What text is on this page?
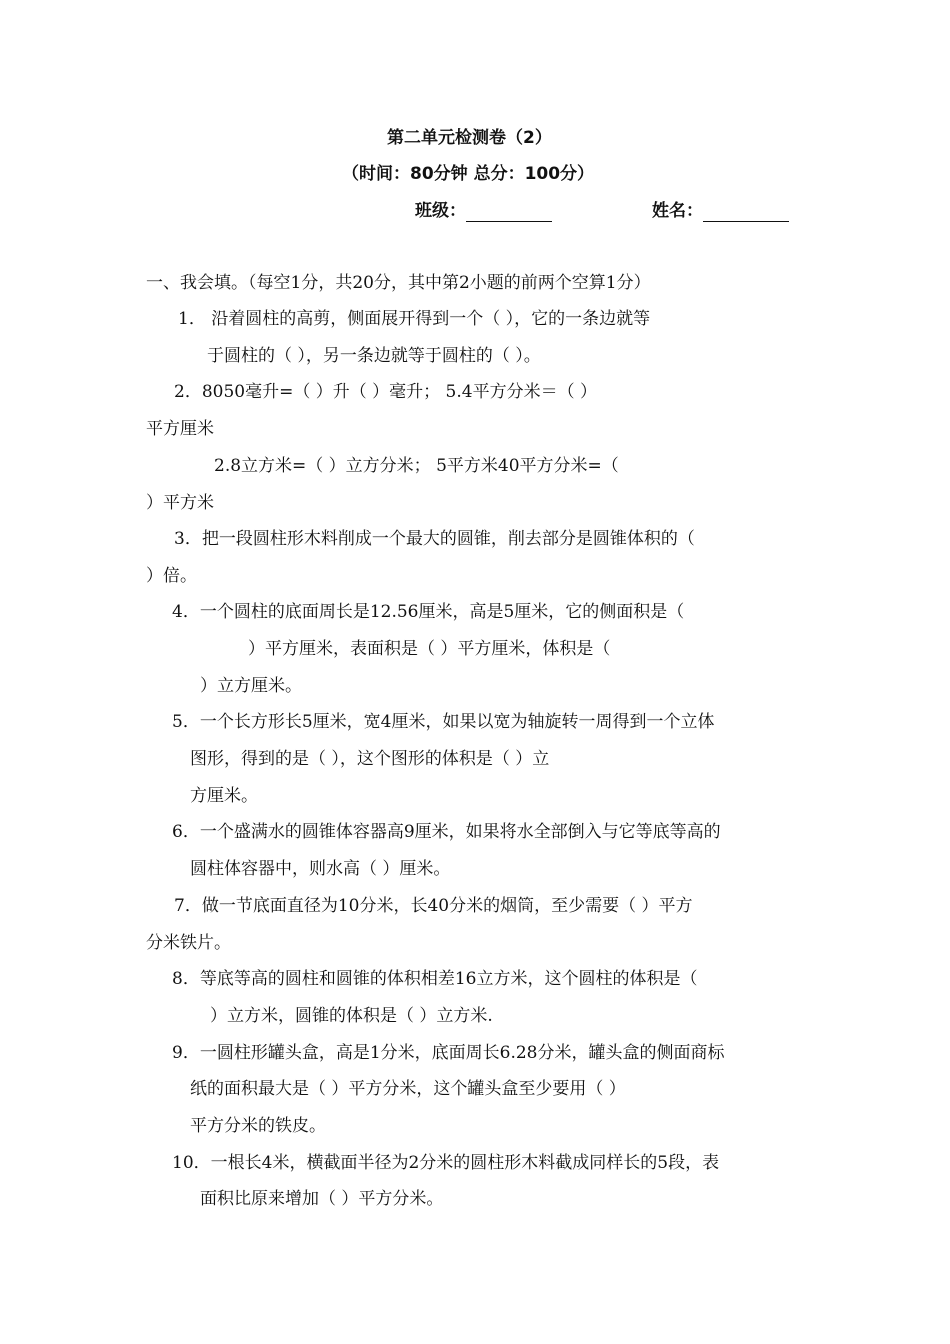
第二单元检测卷（2）
（时间：80分钟 总分：100分）
班级：	姓名：
一、我会填。（每空1分，共20分，其中第2小题的前两个空算1分）
1． 沿着圆柱的高剪，侧面展开得到一个（ ），它的一条边就等
于圆柱的（ ），另一条边就等于圆柱的（ ）。
2．8050毫升=（ ）升（ ）毫升； 5.4平方分米＝（ ）
平方厘米
2.8立方米=（ ）立方分米； 5平方米40平方分米=（
）平方米
3．把一段圆柱形木料削成一个最大的圆锥，削去部分是圆锥体积的（
）倍。
4．一个圆柱的底面周长是12.56厘米，高是5厘米，它的侧面积是（
）平方厘米，表面积是（ ）平方厘米，体积是（
）立方厘米。
5．一个长方形长5厘米，宽4厘米，如果以宽为轴旋转一周得到一个立体
图形，得到的是（ ），这个图形的体积是（ ）立
方厘米。
6．一个盛满水的圆锥体容器高9厘米，如果将水全部倒入与它等底等高的
圆柱体容器中，则水高（ ）厘米。
7．做一节底面直径为10分米，长40分米的烟筒，至少需要（ ）平方
分米铁片。
8．等底等高的圆柱和圆锥的体积相差16立方米，这个圆柱的体积是（
）立方米，圆锥的体积是（ ）立方米.
9．一圆柱形罐头盒，高是1分米，底面周长6.28分米，罐头盒的侧面商标
纸的面积最大是（ ）平方分米，这个罐头盒至少要用（ ）
平方分米的铁皮。
10．一根长4米，横截面半径为2分米的圆柱形木料截成同样长的5段，表
面积比原来增加（ ）平方分米。
